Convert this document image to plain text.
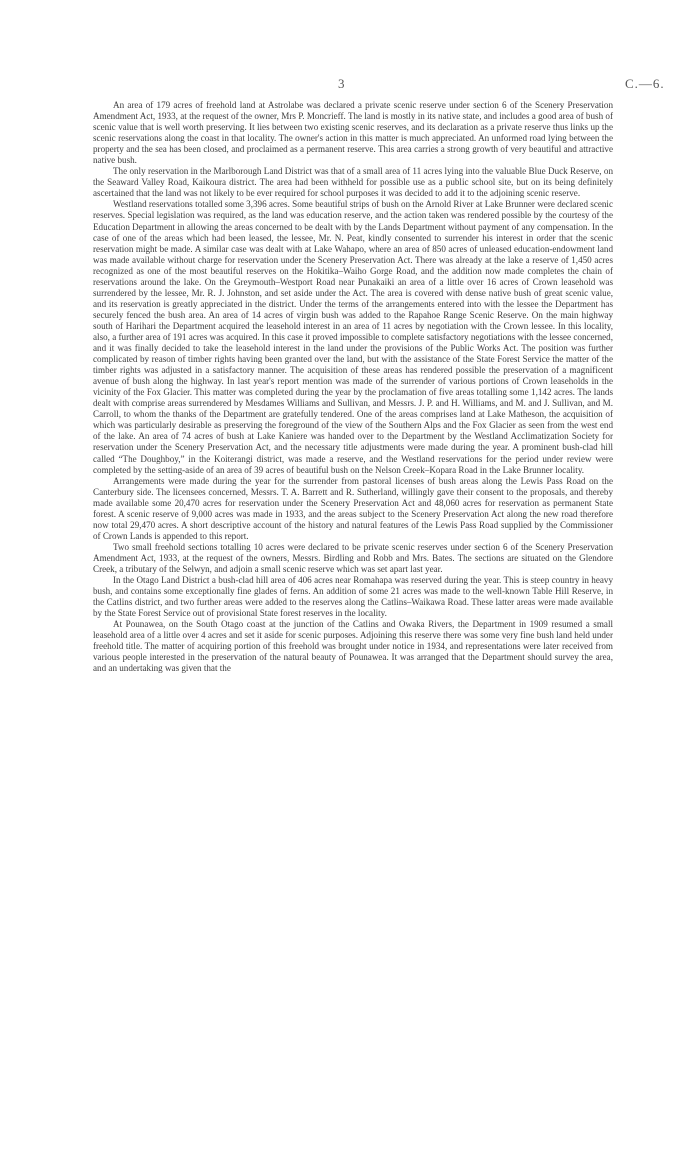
3	C.—6.

An area of 179 acres of freehold land at Astrolabe was declared a private scenic reserve under section 6 of the Scenery Preservation Amendment Act, 1933, at the request of the owner, Mrs P. Moncrieff. The land is mostly in its native state, and includes a good area of bush of scenic value that is well worth preserving. It lies between two existing scenic reserves, and its declaration as a private reserve thus links up the scenic reservations along the coast in that locality. The owner's action in this matter is much appreciated. An unformed road lying between the property and the sea has been closed, and proclaimed as a permanent reserve. This area carries a strong growth of very beautiful and attractive native bush.

The only reservation in the Marlborough Land District was that of a small area of 11 acres lying into the valuable Blue Duck Reserve, on the Seaward Valley Road, Kaikoura district. The area had been withheld for possible use as a public school site, but on its being definitely ascertained that the land was not likely to be ever required for school purposes it was decided to add it to the adjoining scenic reserve.

Westland reservations totalled some 3,396 acres. Some beautiful strips of bush on the Arnold River at Lake Brunner were declared scenic reserves. Special legislation was required, as the land was education reserve, and the action taken was rendered possible by the courtesy of the Education Department in allowing the areas concerned to be dealt with by the Lands Department without payment of any compensation. In the case of one of the areas which had been leased, the lessee, Mr. N. Peat, kindly consented to surrender his interest in order that the scenic reservation might be made. A similar case was dealt with at Lake Wahapo, where an area of 850 acres of unleased education-endowment land was made available without charge for reservation under the Scenery Preservation Act. There was already at the lake a reserve of 1,450 acres recognized as one of the most beautiful reserves on the Hokitika–Waiho Gorge Road, and the addition now made completes the chain of reservations around the lake. On the Greymouth–Westport Road near Punakaiki an area of a little over 16 acres of Crown leasehold was surrendered by the lessee, Mr. R. J. Johnston, and set aside under the Act. The area is covered with dense native bush of great scenic value, and its reservation is greatly appreciated in the district. Under the terms of the arrangements entered into with the lessee the Department has securely fenced the bush area. An area of 14 acres of virgin bush was added to the Rapahoe Range Scenic Reserve. On the main highway south of Harihari the Department acquired the leasehold interest in an area of 11 acres by negotiation with the Crown lessee. In this locality, also, a further area of 191 acres was acquired. In this case it proved impossible to complete satisfactory negotiations with the lessee concerned, and it was finally decided to take the leasehold interest in the land under the provisions of the Public Works Act. The position was further complicated by reason of timber rights having been granted over the land, but with the assistance of the State Forest Service the matter of the timber rights was adjusted in a satisfactory manner. The acquisition of these areas has rendered possible the preservation of a magnificent avenue of bush along the highway. In last year's report mention was made of the surrender of various portions of Crown leaseholds in the vicinity of the Fox Glacier. This matter was completed during the year by the proclamation of five areas totalling some 1,142 acres. The lands dealt with comprise areas surrendered by Mesdames Williams and Sullivan, and Messrs. J. P. and H. Williams, and M. and J. Sullivan, and M. Carroll, to whom the thanks of the Department are gratefully tendered. One of the areas comprises land at Lake Matheson, the acquisition of which was particularly desirable as preserving the foreground of the view of the Southern Alps and the Fox Glacier as seen from the west end of the lake. An area of 74 acres of bush at Lake Kaniere was handed over to the Department by the Westland Acclimatization Society for reservation under the Scenery Preservation Act, and the necessary title adjustments were made during the year. A prominent bush-clad hill called “The Doughboy,” in the Koiterangi district, was made a reserve, and the Westland reservations for the period under review were completed by the setting-aside of an area of 39 acres of beautiful bush on the Nelson Creek–Kopara Road in the Lake Brunner locality.

Arrangements were made during the year for the surrender from pastoral licenses of bush areas along the Lewis Pass Road on the Canterbury side. The licensees concerned, Messrs. T. A. Barrett and R. Sutherland, willingly gave their consent to the proposals, and thereby made available some 20,470 acres for reservation under the Scenery Preservation Act and 48,060 acres for reservation as permanent State forest. A scenic reserve of 9,000 acres was made in 1933, and the areas subject to the Scenery Preservation Act along the new road therefore now total 29,470 acres. A short descriptive account of the history and natural features of the Lewis Pass Road supplied by the Commissioner of Crown Lands is appended to this report.

Two small freehold sections totalling 10 acres were declared to be private scenic reserves under section 6 of the Scenery Preservation Amendment Act, 1933, at the request of the owners, Messrs. Birdling and Robb and Mrs. Bates. The sections are situated on the Glendore Creek, a tributary of the Selwyn, and adjoin a small scenic reserve which was set apart last year.

In the Otago Land District a bush-clad hill area of 406 acres near Romahapa was reserved during the year. This is steep country in heavy bush, and contains some exceptionally fine glades of ferns. An addition of some 21 acres was made to the well-known Table Hill Reserve, in the Catlins district, and two further areas were added to the reserves along the Catlins–Waikawa Road. These latter areas were made available by the State Forest Service out of provisional State forest reserves in the locality.

At Pounawea, on the South Otago coast at the junction of the Catlins and Owaka Rivers, the Department in 1909 resumed a small leasehold area of a little over 4 acres and set it aside for scenic purposes. Adjoining this reserve there was some very fine bush land held under freehold title. The matter of acquiring portion of this freehold was brought under notice in 1934, and representations were later received from various people interested in the preservation of the natural beauty of Pounawea. It was arranged that the Department should survey the area, and an undertaking was given that the
